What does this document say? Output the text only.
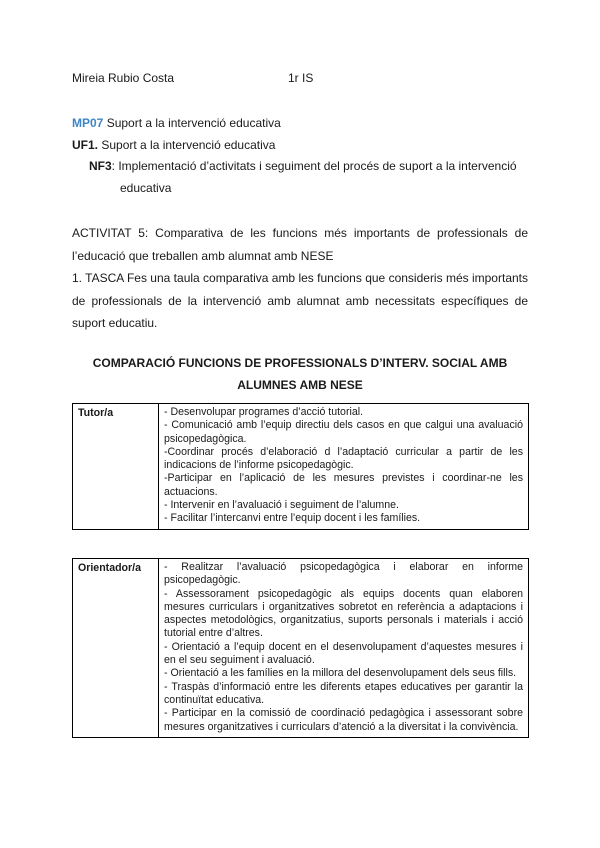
Mireia Rubio Costa	1r IS
MP07 Suport a la intervenció educativa
UF1. Suport a la intervenció educativa
NF3: Implementació d’activitats i seguiment del procés de suport a la intervenció
educativa
ACTIVITAT 5: Comparativa de les funcions més importants de professionals de l’educació que treballen amb alumnat amb NESE
1. TASCA Fes una taula comparativa amb les funcions que consideris més importants de professionals de la intervenció amb alumnat amb necessitats específiques de suport educatiu.
COMPARACIÓ FUNCIONS DE PROFESSIONALS D’INTERV. SOCIAL AMB
ALUMNES AMB NESE
Tutor/a	- Desenvolupar programes d’acció tutorial.
- Comunicació amb l’equip directiu dels casos en que calgui una avaluació psicopedagògica.
-Coordinar procés d’elaboració d l’adaptació curricular a partir de les indicacions de l’informe psicopedagògic.
-Participar en l’aplicació de les mesures previstes i coordinar-ne les actuacions.
- Intervenir en l’avaluació i seguiment de l’alumne.
- Facilitar l’intercanvi entre l’equip docent i les famílies.
Orientador/a	- Realitzar l’avaluació psicopedagògica i elaborar en informe psicopedagògic.
- Assessorament psicopedagògic als equips docents quan elaboren mesures curriculars i organitzatives sobretot en referència a adaptacions i aspectes metodològics, organitzatius, suports personals i materials i acció tutorial entre d’altres.
- Orientació a l’equip docent en el desenvolupament d’aquestes mesures i en el seu seguiment i avaluació.
- Orientació a les famílies en la millora del desenvolupament dels seus fills.
- Traspàs d’informació entre les diferents etapes educatives per garantir la continuïtat educativa.
- Participar en la comissió de coordinació pedagògica i assessorant sobre mesures organitzatives i curriculars d’atenció a la diversitat i la convivència.
